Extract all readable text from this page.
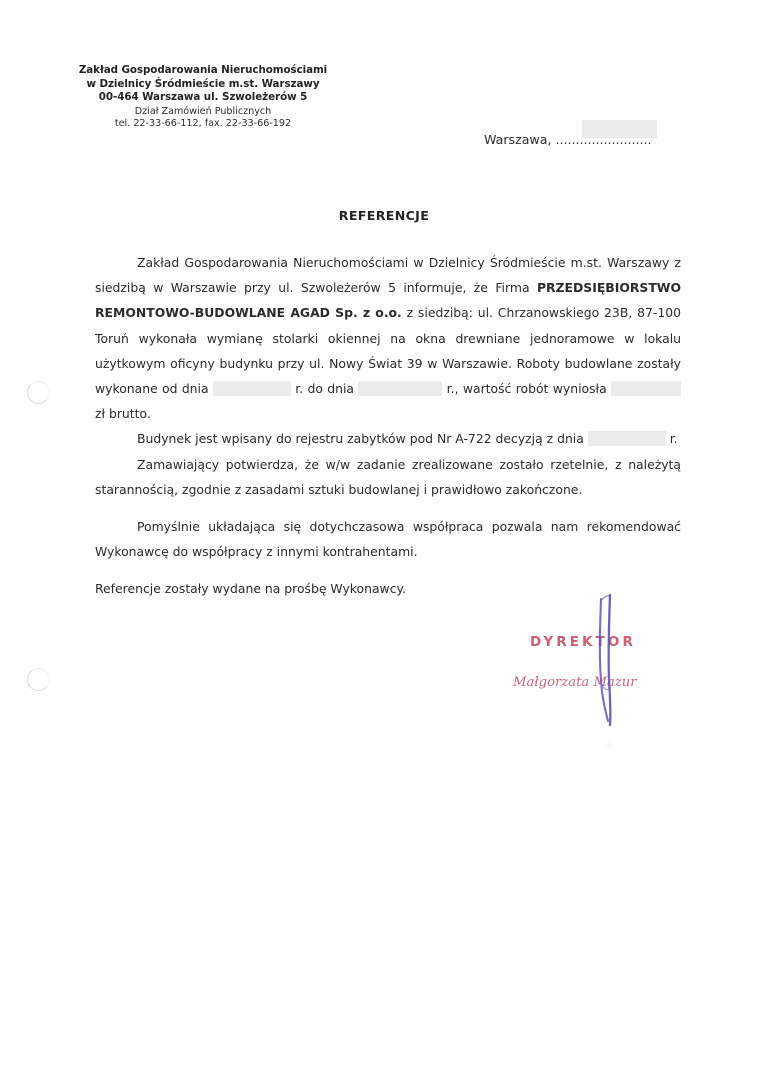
Zakład Gospodarowania Nieruchomościami
w Dzielnicy Śródmieście m.st. Warszawy
00-464 Warszawa ul. Szwoleżerów 5
Dział Zamówień Publicznych
tel. 22-33-66-112, fax. 22-33-66-192
Warszawa, ........................
REFERENCJE

Zakład Gospodarowania Nieruchomościami w Dzielnicy Śródmieście m.st. Warszawy z siedzibą w Warszawie przy ul. Szwoleżerów 5 informuje, że Firma PRZEDSIĘBIORSTWO REMONTOWO-BUDOWLANE AGAD Sp. z o.o. z siedzibą: ul. Chrzanowskiego 23B, 87-100 Toruń wykonała wymianę stolarki okiennej na okna drewniane jednoramowe w lokalu użytkowym oficyny budynku przy ul. Nowy Świat 39 w Warszawie. Roboty budowlane zostały wykonane od dnia	r. do dnia	r., wartość robót wyniosła  zł brutto.

Budynek jest wpisany do rejestru zabytków pod Nr A-722 decyzją z dnia	r.

Zamawiający potwierdza, że w/w zadanie zrealizowane zostało rzetelnie, z należytą starannością, zgodnie z zasadami sztuki budowlanej i prawidłowo zakończone.

Pomyślnie układająca się dotychczasowa współpraca pozwala nam rekomendować Wykonawcę do współpracy z innymi kontrahentami.

Referencje zostały wydane na prośbę Wykonawcy.

DYREKTOR
Małgorzata Mazur
